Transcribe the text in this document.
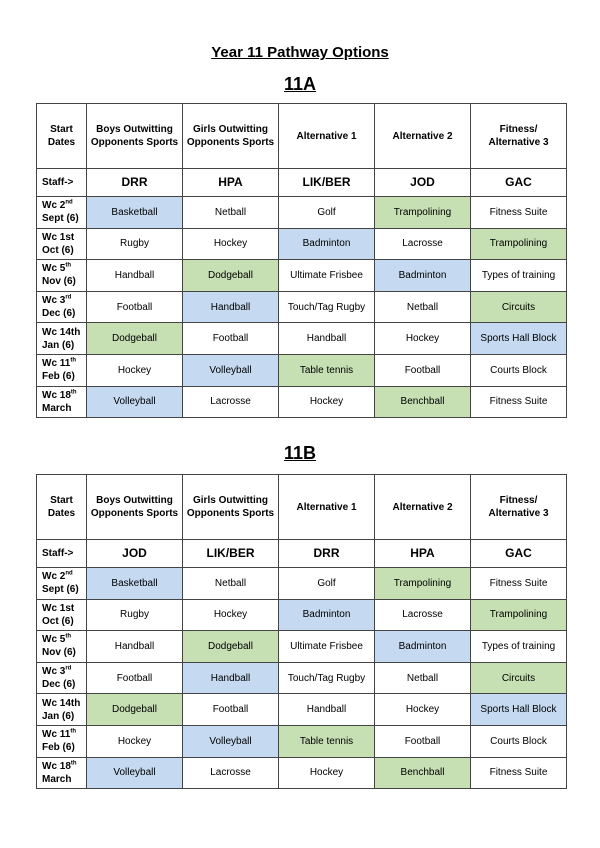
Year 11 Pathway Options
11A
Start Dates	Boys Outwitting Opponents Sports	Girls Outwitting Opponents Sports	Alternative 1	Alternative 2	Fitness/ Alternative 3
Staff->	DRR	HPA	LIK/BER	JOD	GAC
Wc 2nd Sept (6)	Basketball	Netball	Golf	Trampolining	Fitness Suite
Wc 1st Oct (6)	Rugby	Hockey	Badminton	Lacrosse	Trampolining
Wc 5th Nov (6)	Handball	Dodgeball	Ultimate Frisbee	Badminton	Types of training
Wc 3rd Dec (6)	Football	Handball	Touch/Tag Rugby	Netball	Circuits
Wc 14th Jan (6)	Dodgeball	Football	Handball	Hockey	Sports Hall Block
Wc 11th Feb (6)	Hockey	Volleyball	Table tennis	Football	Courts Block
Wc 18th March	Volleyball	Lacrosse	Hockey	Benchball	Fitness Suite
11B
Start Dates	Boys Outwitting Opponents Sports	Girls Outwitting Opponents Sports	Alternative 1	Alternative 2	Fitness/ Alternative 3
Staff->	JOD	LIK/BER	DRR	HPA	GAC
Wc 2nd Sept (6)	Basketball	Netball	Golf	Trampolining	Fitness Suite
Wc 1st Oct (6)	Rugby	Hockey	Badminton	Lacrosse	Trampolining
Wc 5th Nov (6)	Handball	Dodgeball	Ultimate Frisbee	Badminton	Types of training
Wc 3rd Dec (6)	Football	Handball	Touch/Tag Rugby	Netball	Circuits
Wc 14th Jan (6)	Dodgeball	Football	Handball	Hockey	Sports Hall Block
Wc 11th Feb (6)	Hockey	Volleyball	Table tennis	Football	Courts Block
Wc 18th March	Volleyball	Lacrosse	Hockey	Benchball	Fitness Suite
